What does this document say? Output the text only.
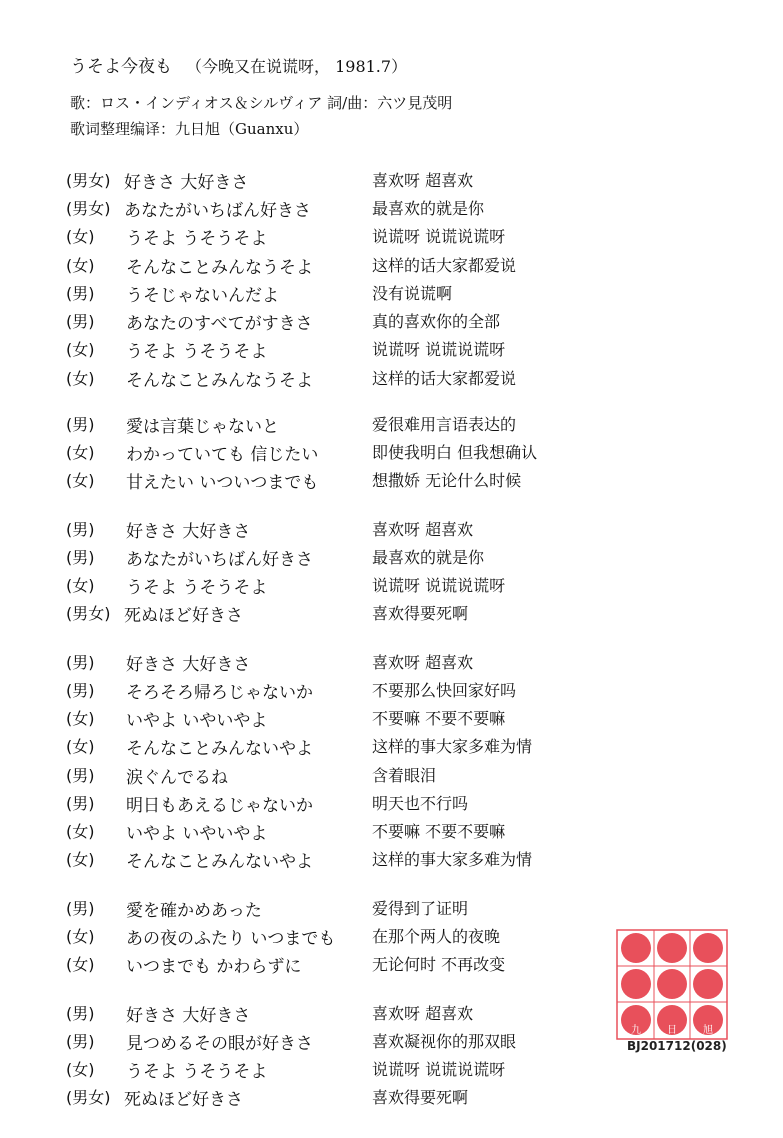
うそよ今夜も （今晚又在说谎呀， 1981.7）
歌：ロス・インディオス＆シルヴィア 詞/曲：六ツ見茂明
歌词整理编译：九日旭（Guanxu）
(男女) 好きさ 大好きさ	喜欢呀 超喜欢
(男女) あなたがいちばん好きさ	最喜欢的就是你
(女) うそよ うそうそよ	说谎呀 说谎说谎呀
(女) そんなことみんなうそよ	这样的话大家都爱说
(男) うそじゃないんだよ	没有说谎啊
(男) あなたのすべてがすきさ	真的喜欢你的全部
(女) うそよ うそうそよ	说谎呀 说谎说谎呀
(女) そんなことみんなうそよ	这样的话大家都爱说
(男) 愛は言葉じゃないと	爱很难用言语表达的
(女) わかっていても 信じたい	即使我明白 但我想确认
(女) 甘えたい いついつまでも	想撒娇 无论什么时候
(男) 好きさ 大好きさ	喜欢呀 超喜欢
(男) あなたがいちばん好きさ	最喜欢的就是你
(女) うそよ うそうそよ	说谎呀 说谎说谎呀
(男女) 死ぬほど好きさ	喜欢得要死啊
(男) 好きさ 大好きさ	喜欢呀 超喜欢
(男) そろそろ帰ろじゃないか	不要那么快回家好吗
(女) いやよ いやいやよ	不要嘛 不要不要嘛
(女) そんなことみんないやよ	这样的事大家多难为情
(男) 涙ぐんでるね	含着眼泪
(男) 明日もあえるじゃないか	明天也不行吗
(女) いやよ いやいやよ	不要嘛 不要不要嘛
(女) そんなことみんないやよ	这样的事大家多难为情
(男) 愛を確かめあった	爱得到了证明
(女) あの夜のふたり いつまでも 在那个两人的夜晚
(女) いつまでも かわらずに	无论何时 不再改变
(男) 好きさ 大好きさ	喜欢呀 超喜欢
(男) 見つめるその眼が好きさ	喜欢凝视你的那双眼
(女) うそよ うそうそよ	说谎呀 说谎说谎呀
(男女) 死ぬほど好きさ	喜欢得要死啊
九	日	旭
BJ201712(028)
